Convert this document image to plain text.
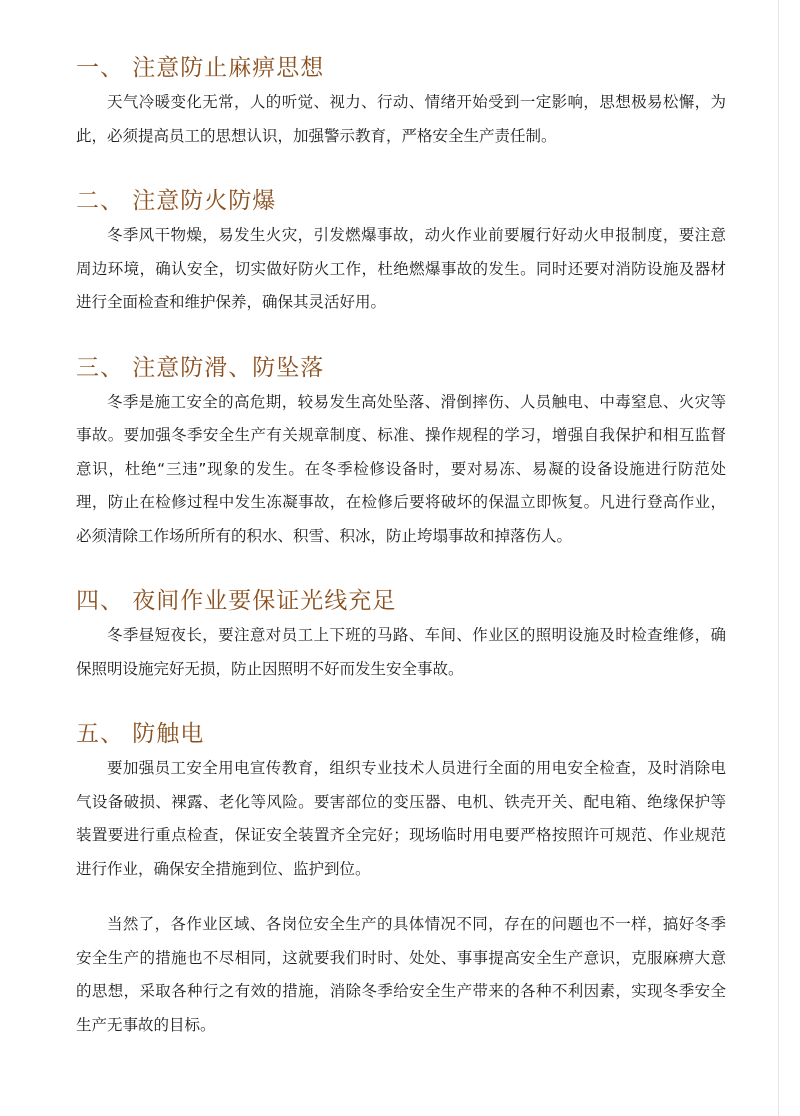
一、 注意防止麻痹思想

天气冷暖变化无常，人的听觉、视力、行动、情绪开始受到一定影响，思想极易松懈，为此，必须提高员工的思想认识，加强警示教育，严格安全生产责任制。

二、 注意防火防爆

冬季风干物燥，易发生火灾，引发燃爆事故，动火作业前要履行好动火申报制度，要注意周边环境，确认安全，切实做好防火工作，杜绝燃爆事故的发生。同时还要对消防设施及器材进行全面检查和维护保养，确保其灵活好用。

三、 注意防滑、防坠落

冬季是施工安全的高危期，较易发生高处坠落、滑倒摔伤、人员触电、中毒窒息、火灾等事故。要加强冬季安全生产有关规章制度、标准、操作规程的学习，增强自我保护和相互监督意识，杜绝“三违”现象的发生。在冬季检修设备时，要对易冻、易凝的设备设施进行防范处理，防止在检修过程中发生冻凝事故，在检修后要将破坏的保温立即恢复。凡进行登高作业，必须清除工作场所所有的积水、积雪、积冰，防止垮塌事故和掉落伤人。

四、 夜间作业要保证光线充足

冬季昼短夜长，要注意对员工上下班的马路、车间、作业区的照明设施及时检查维修，确保照明设施完好无损，防止因照明不好而发生安全事故。

五、 防触电

要加强员工安全用电宣传教育，组织专业技术人员进行全面的用电安全检查，及时消除电气设备破损、裸露、老化等风险。要害部位的变压器、电机、铁壳开关、配电箱、绝缘保护等装置要进行重点检查，保证安全装置齐全完好；现场临时用电要严格按照许可规范、作业规范进行作业，确保安全措施到位、监护到位。

当然了，各作业区域、各岗位安全生产的具体情况不同，存在的问题也不一样，搞好冬季安全生产的措施也不尽相同，这就要我们时时、处处、事事提高安全生产意识，克服麻痹大意的思想，采取各种行之有效的措施，消除冬季给安全生产带来的各种不利因素，实现冬季安全生产无事故的目标。
